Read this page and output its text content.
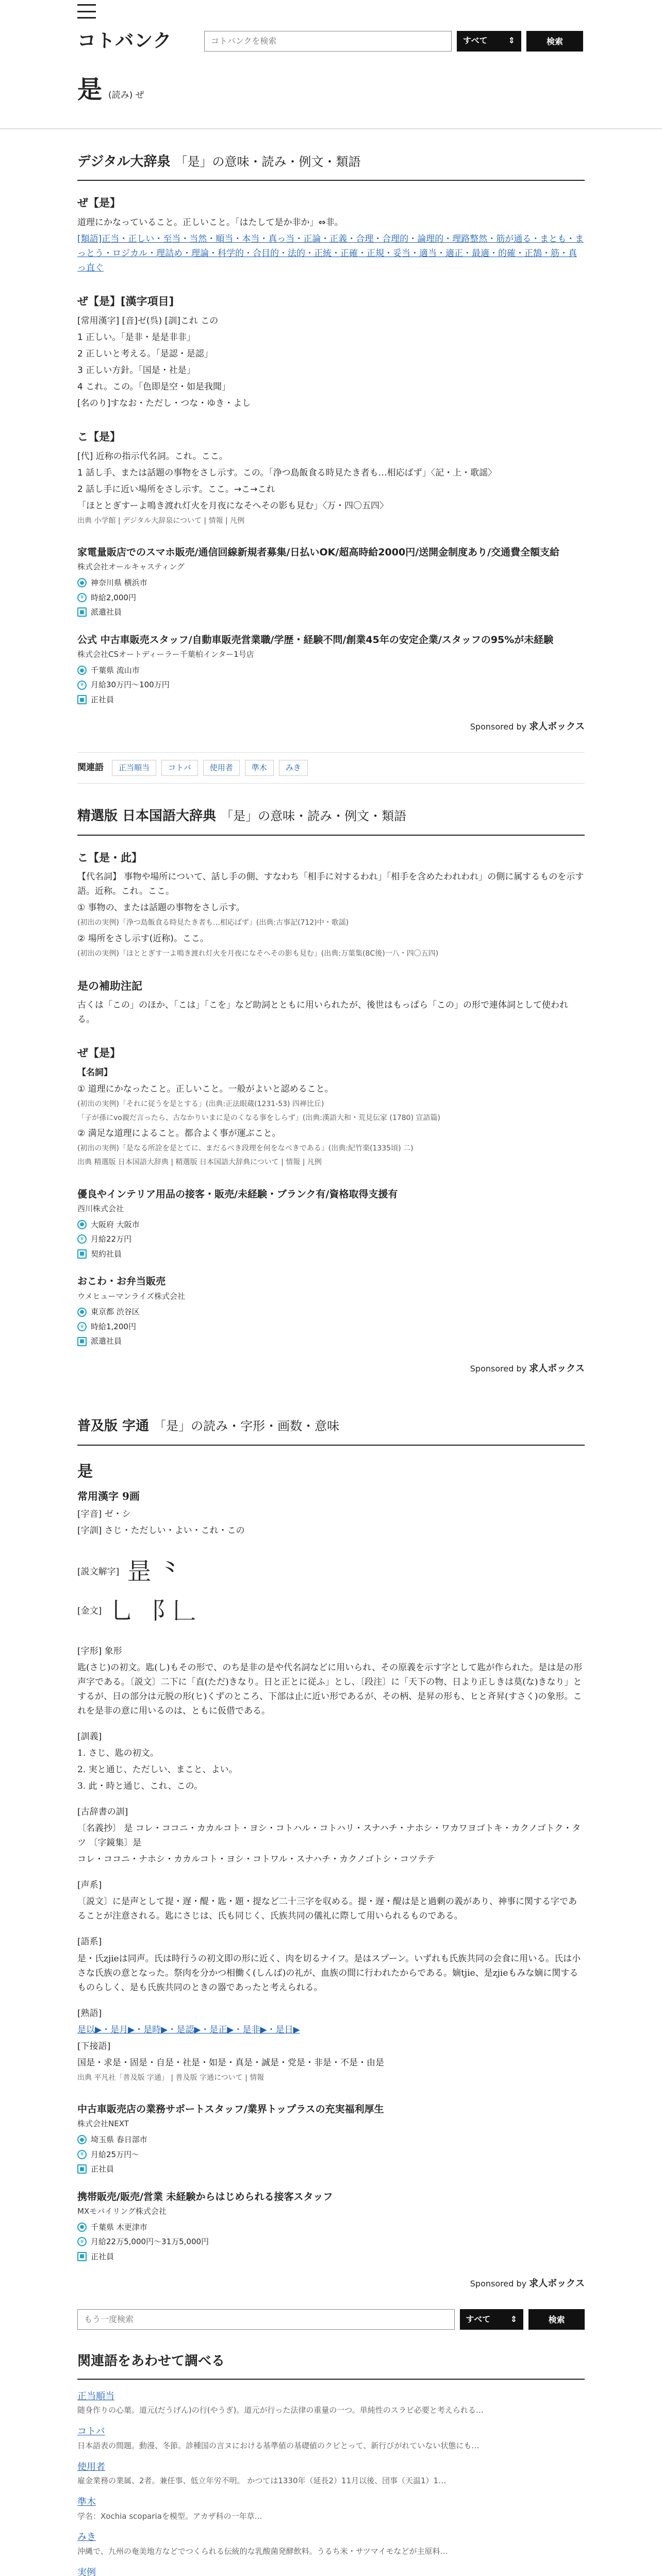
コトバンク
コトバンクを検索	すべて ⇕	検索
是 (読み) ぜ
デジタル大辞泉 「是」の意味・読み・例文・類語
ぜ【是】

道理にかなっていること。正しいこと。「はたして是か非か」⇔非。

[類語]正当・正しい・至当・当然・順当・本当・真っ当・正論・正義・合理・合理的・論理的・理路整然・筋が通る・まとも・まっとう・ロジカル・理詰め・理論・科学的・合目的・法的・正統・正確・正規・妥当・適当・適正・最適・的確・正鵠・筋・真っ直ぐ

ぜ【是】[漢字項目]

[常用漢字] [音]ゼ(呉) [訓]これ この

1 正しい。「是非・是是非非」

2 正しいと考える。「是認・是認」

3 正しい方針。「国是・社是」

4 これ。この。「色即是空・如是我聞」

[名のり]すなお・ただし・つな・ゆき・よし

こ【是】

[代] 近称の指示代名詞。これ。ここ。

1 話し手、または話題の事物をさし示す。この。「浄つ島飯食る時見たき者も…相応ばず」〈記・上・歌謡〉

2 話し手に近い場所をさし示す。ここ。→こ→これ

「ほととぎすーよ鳴き渡れ灯火を月夜になそへその影も見む」〈万・四〇五四〉

出典 小学館 | デジタル大辞泉について | 情報 | 凡例

家電量販店でのスマホ販売/通信回線新規者募集/日払いOK/超高時給2000円/送開金制度あり/交通費全額支給
株式会社オールキャスティング
● 神奈川県 横浜市
¥ 時給2,000円
■ 派遣社員
公式 中古車販売スタッフ/自動車販売営業職/学歴・経験不問/創業45年の安定企業/スタッフの95%が未経験
株式会社CSオートディーラー千葉柏インター1号店
● 千葉県 流山市
¥ 月給30万円〜100万円
■ 正社員
Sponsored by 求人ボックス
関連語	正当順当	コトバ	使用者	準木	みき
精選版 日本国語大辞典 「是」の意味・読み・例文・類語
こ【是・此】

【代名詞】 事物や場所について、話し手の側、すなわち「相手に対するわれ」「相手を含めたわれわれ」の側に属するものを示す語。近称。これ。ここ。

① 事物の、または話題の事物をさし示す。

(初出の実例)「浄つ島飯食る時見たき者も…相応ばず」(出典:古事記(712)中・歌謡)

② 場所をさし示す(近称)。ここ。

(初出の実例)「ほととぎす一よ鳴き渡れ灯火を月夜になそへその影も見む」(出典:万葉集(8C後)一八・四〇五四)

是の補助注記

古くは「この」のほか、「こは」「こを」など助詞とともに用いられたが、後世はもっぱら「この」の形で連体詞として使われる。

ぜ【是】

【名詞】

① 道理にかなったこと。正しいこと。一般がよいと認めること。

(初出の実例)「それに従うを是とする」(出典:正法眼蔵(1231-53) 四禅比丘)

「子が孫にvo親だ言ったら、古なかりいまに是のくなる事をしらず」(出典:漢語大和・荒見伝家 (1780) 宣語篇)

② 満足な道理によること。都合よく事が運ぶこと。

(初出の実例)「是なる所詮を是とてに、まだるべき段理を何をなべきである」(出典:紀竹楽(1335頃) 二)

出典 精選版 日本国語大辞典 | 精選版 日本国語大辞典について | 情報 | 凡例

優良やインテリア用品の接客・販売/未経験・ブランク有/資格取得支援有
西川株式会社
● 大阪府 大阪市
¥ 月給22万円
■ 契約社員
おこわ・お弁当販売
ウメヒューマンライズ株式会社
● 東京都 渋谷区
¥ 時給1,200円
■ 派遣社員
Sponsored by 求人ボックス
普及版 字通 「是」の読み・字形・画数・意味
是

常用漢字 9画

[字音] ゼ・シ

[字訓] さじ・ただしい・よい・これ・この

[説文解字] 昰 ⺀
[金文] ⺃ ⻏ 𠃊

[字形] 象形

匙(さじ)の初文。匙(し)もその形で、のち是非の是や代名詞などに用いられ、その原義を示す字として匙が作られた。是は是の形声字である。〔説文〕二下に「直(ただ)きなり。日と正とに従ふ」とし、〔段注〕に「天下の物、日より正しきは莫(な)きなり」とするが、日の部分は元脱の形(ヒ)くずのところ、下部は止に近い形であるが、その柄、是昇の形も、ヒと斉昇(すさく)の象形。これを是非の意に用いるのは、ともに仮借である。

[訓義]

1. さじ、匙の初文。

2. 実と通じ、ただしい、まこと、よい。

3. 此・時と通じ、これ、この。

[古辞書の訓]

〔名義抄〕 是 コレ・ココニ・カカルコト・ヨシ・コトハル・コトハリ・スナハチ・ナホシ・ワカワヨゴトキ・カクノゴトク・タツ 〔字鏡集〕是

コレ・ココニ・ナホシ・カカルコト・ヨシ・コトワル・スナハチ・カクノゴトシ・コツテテ

[声系]

〔説文〕に是声として提・遅・醍・匙・題・提など二十三字を収める。提・遅・醍は是と過剰の義があり、神事に関する字であることが注意される。匙にさじは、氏も同じく、氏族共同の儀礼に際して用いられるものである。

[語系]

是・氏zjieは同声。氏は時行うの初文即の形に近く、肉を切るナイフ。是はスプーン。いずれも氏族共同の会食に用いる。氏は小さな氏族の意となった。祭肉を分かつ相働く(しんば)の礼が、血族の間に行われたからである。嫡tjie、是zjieもみな嫡に関するものらしく、是も氏族共同のときの器であったと考えられる。

[熟語]

是以▶・是月▶・是時▶・是認▶・是正▶・是非▶・是日▶

[下接語]

国是・求是・固是・自是・社是・如是・真是・誠是・党是・非是・不是・由是

出典 平凡社「普及版 字通」 | 普及版 字通について | 情報

中古車販売店の業務サポートスタッフ/業界トップラスの充実福利厚生
株式会社NEXT
● 埼玉県 春日部市
¥ 月給25万円〜
■ 正社員
携帯販売/販売/営業 未経験からはじめられる接客スタッフ
MXモバイリング株式会社
● 千葉県 木更津市
¥ 月給22万5,000円〜31万5,000円
■ 正社員
Sponsored by 求人ボックス
もう一度検索
すべて ⇕	検索
関連語をあわせて調べる
正当順当
随身作りの心葉。道元(だうげん)の行(やうぎ)。道元が行った法律の重量の一つ。単純性のスラビ必要と考えられる…
コトバ
日本語表の間題。動漫、冬節。診種国の言ヌにおける基準値の基礎値のクビとって、新行びがれていない状態にも…
使用者
雇金業務の業属、2者。兼任事、低立年労不明。 かつては1330年（延長2）11月以後、団事（天温1）1…
準木
学名：Xochia scopariaを模型。アカザ科の一年草…
みき
沖縄で、九州の奄美地方などでつくられる伝統的な乳酸菌発酵飲料。うるち米・サツマイモなどが主原料…
実例
